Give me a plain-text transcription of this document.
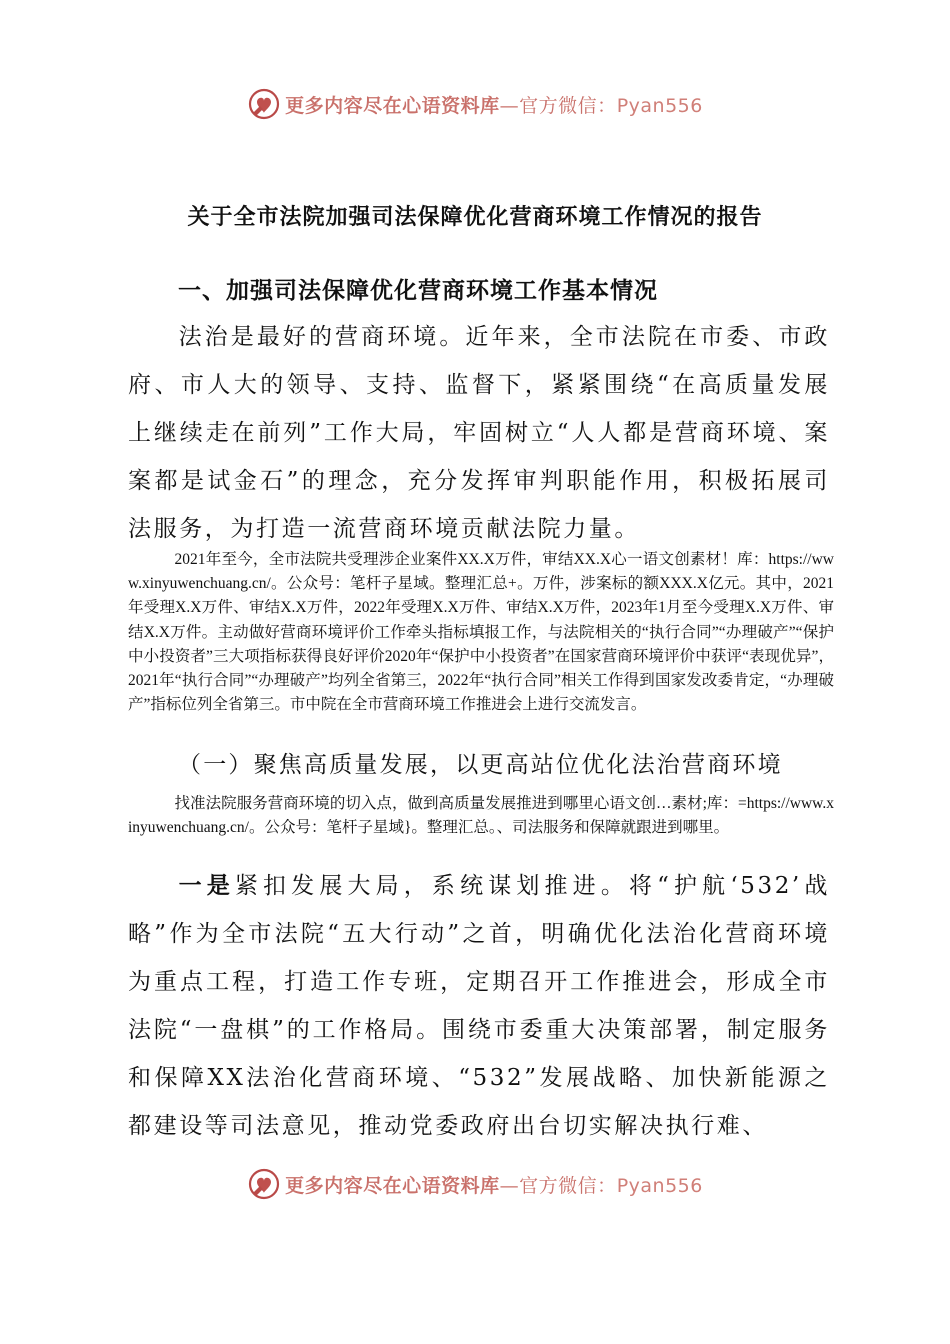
更多内容尽在心语资料库—官方微信：Pyan556
关于全市法院加强司法保障优化营商环境工作情况的报告
一、加强司法保障优化营商环境工作基本情况

法治是最好的营商环境。近年来，全市法院在市委、市政府、市人大的领导、支持、监督下，紧紧围绕“在高质量发展上继续走在前列”工作大局，牢固树立“人人都是营商环境、案案都是试金石”的理念，充分发挥审判职能作用，积极拓展司法服务，为打造一流营商环境贡献法院力量。

2021年至今，全市法院共受理涉企业案件XX.X万件，审结XX.X心一语文创素材！库：https://www.xinyuwenchuang.cn/。公众号：笔杆子星域。整理汇总+。万件，涉案标的额XXX.X亿元。其中，2021年受理X.X万件、审结X.X万件，2022年受理X.X万件、审结X.X万件，2023年1月至今受理X.X万件、审结X.X万件。主动做好营商环境评价工作牵头指标填报工作，与法院相关的“执行合同”“办理破产”“保护中小投资者”三大项指标获得良好评价2020年“保护中小投资者”在国家营商环境评价中获评“表现优异”，2021年“执行合同”“办理破产”均列全省第三，2022年“执行合同”相关工作得到国家发改委肯定，“办理破产”指标位列全省第三。市中院在全市营商环境工作推进会上进行交流发言。

（一）聚焦高质量发展，以更高站位优化法治营商环境

找准法院服务营商环境的切入点，做到高质量发展推进到哪里心语文创…素材;库：=https://www.xinyuwenchuang.cn/。公众号：笔杆子星域}。整理汇总。、司法服务和保障就跟进到哪里。

一是紧扣发展大局，系统谋划推进。将“护航‘532’战略”作为全市法院“五大行动”之首，明确优化法治化营商环境为重点工程，打造工作专班，定期召开工作推进会，形成全市法院“一盘棋”的工作格局。围绕市委重大决策部署，制定服务和保障XX法治化营商环境、“532”发展战略、加快新能源之都建设等司法意见，推动党委政府出台切实解决执行难、

更多内容尽在心语资料库—官方微信：Pyan556
